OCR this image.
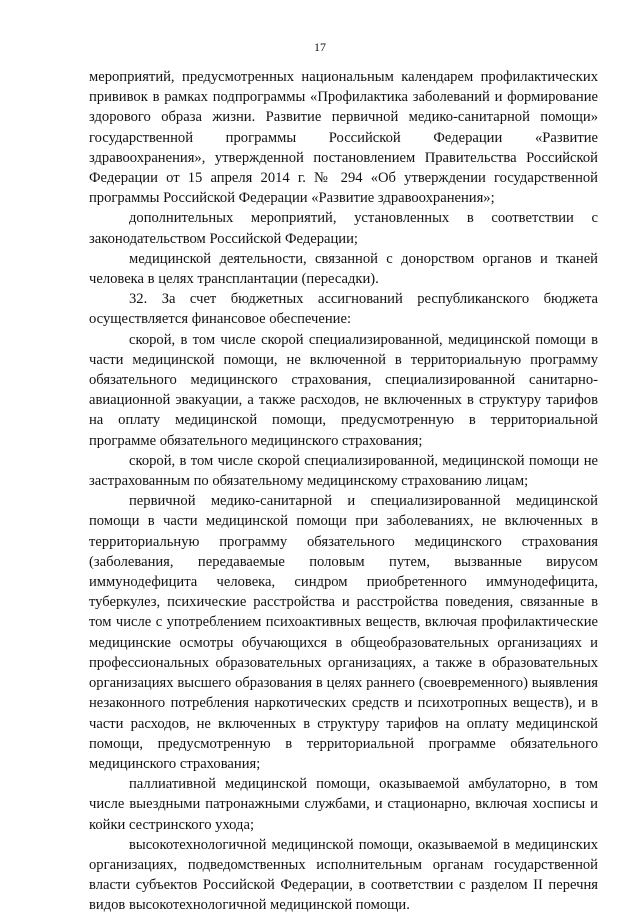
17

мероприятий, предусмотренных национальным календарем профилактических прививок в рамках подпрограммы «Профилактика заболеваний и формирование здорового образа жизни. Развитие первичной медико-санитарной помощи» государственной программы Российской Федерации «Развитие здравоохранения», утвержденной постановлением Правительства Российской Федерации от 15 апреля 2014 г. № 294 «Об утверждении государственной программы Российской Федерации «Развитие здравоохранения»;

дополнительных мероприятий, установленных в соответствии с законодательством Российской Федерации;

медицинской деятельности, связанной с донорством органов и тканей человека в целях трансплантации (пересадки).

32. За счет бюджетных ассигнований республиканского бюджета осуществляется финансовое обеспечение:

скорой, в том числе скорой специализированной, медицинской помощи в части медицинской помощи, не включенной в территориальную программу обязательного медицинского страхования, специализированной санитарно-авиационной эвакуации, а также расходов, не включенных в структуру тарифов на оплату медицинской помощи, предусмотренную в территориальной программе обязательного медицинского страхования;

скорой, в том числе скорой специализированной, медицинской помощи не застрахованным по обязательному медицинскому страхованию лицам;

первичной медико-санитарной и специализированной медицинской помощи в части медицинской помощи при заболеваниях, не включенных в территориальную программу обязательного медицинского страхования (заболевания, передаваемые половым путем, вызванные вирусом иммунодефицита человека, синдром приобретенного иммунодефицита, туберкулез, психические расстройства и расстройства поведения, связанные в том числе с употреблением психоактивных веществ, включая профилактические медицинские осмотры обучающихся в общеобразовательных организациях и профессиональных образовательных организациях, а также в образовательных организациях высшего образования в целях раннего (своевременного) выявления незаконного потребления наркотических средств и психотропных веществ), и в части расходов, не включенных в структуру тарифов на оплату медицинской помощи, предусмотренную в территориальной программе обязательного медицинского страхования;

паллиативной медицинской помощи, оказываемой амбулаторно, в том числе выездными патронажными службами, и стационарно, включая хосписы и койки сестринского ухода;

высокотехнологичной медицинской помощи, оказываемой в медицинских организациях, подведомственных исполнительным органам государственной власти субъектов Российской Федерации, в соответствии с разделом II перечня видов высокотехнологичной медицинской помощи.
